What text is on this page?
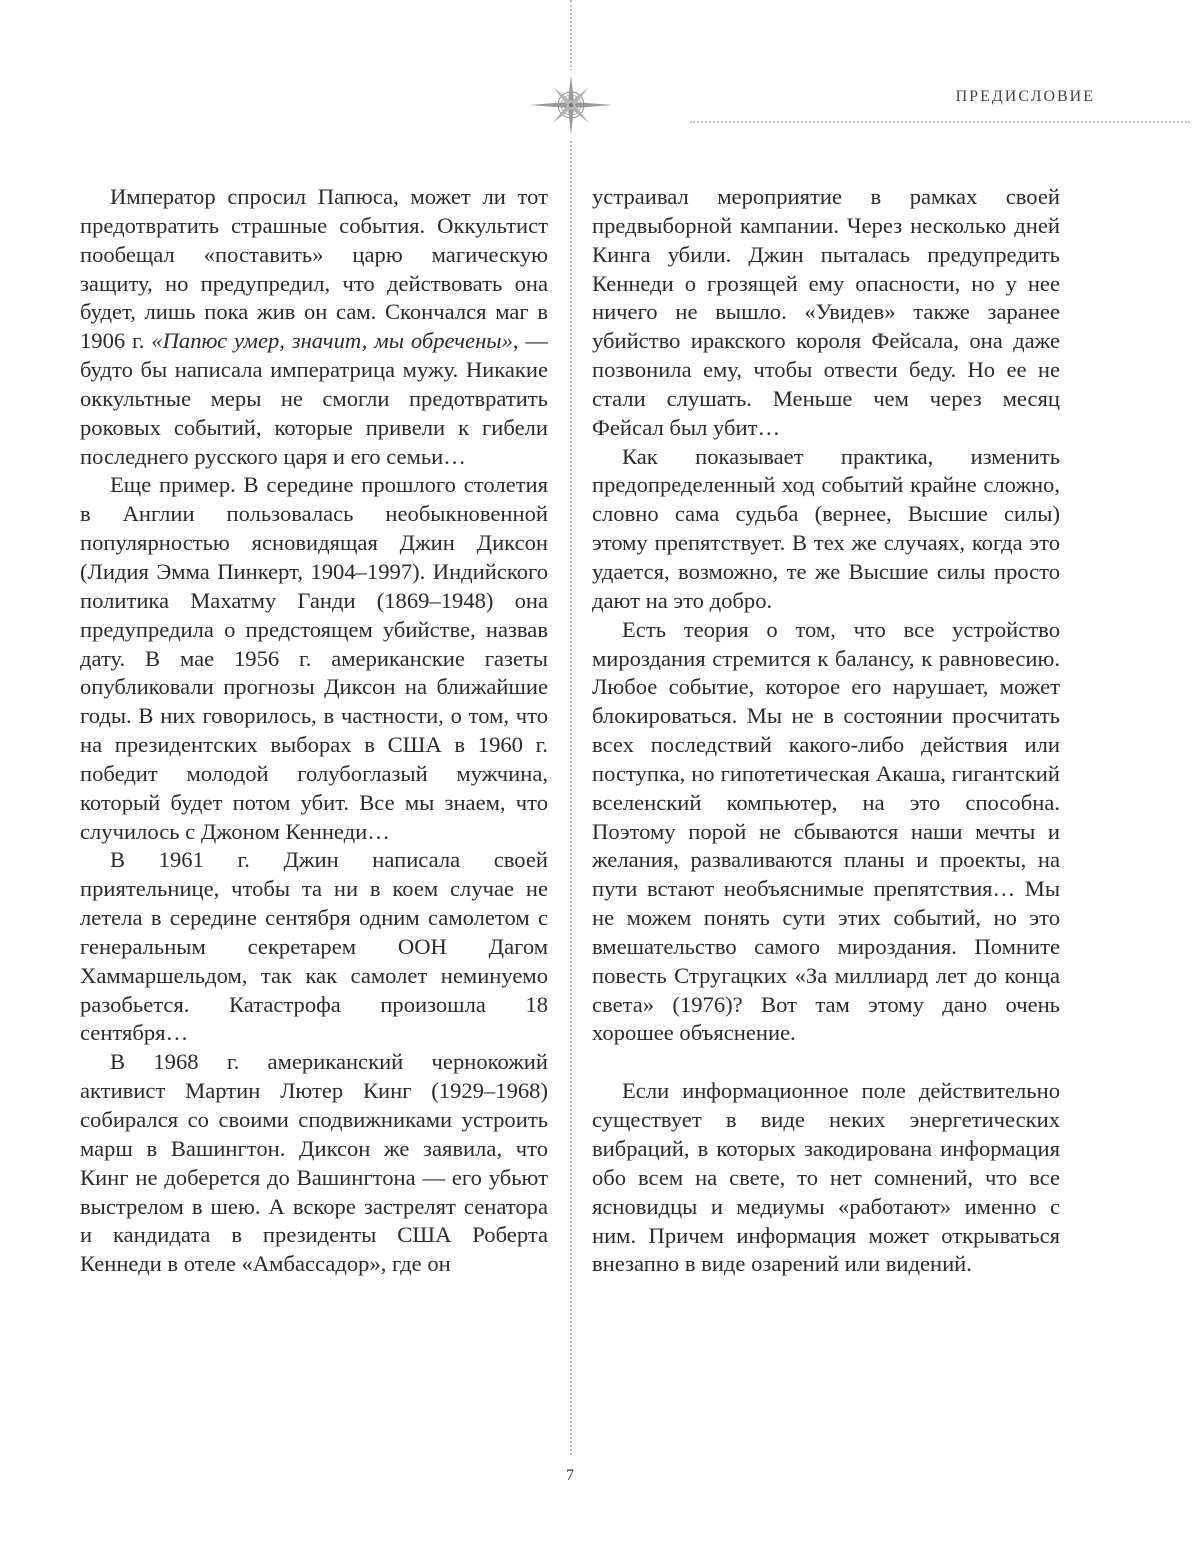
ПРЕДИСЛОВИЕ

Император спросил Папюса, может ли тот предотвратить страшные события. Оккультист пообещал «поставить» царю магическую защиту, но предупредил, что действовать она будет, лишь пока жив он сам. Скончался маг в 1906 г. «Папюс умер, значит, мы обречены», — будто бы написала императрица мужу. Никакие оккультные меры не смогли предотвратить роковых событий, которые привели к гибели последнего русского царя и его семьи…

Еще пример. В середине прошлого столетия в Англии пользовалась необыкновенной популярностью ясновидящая Джин Диксон (Лидия Эмма Пинкерт, 1904–1997). Индийского политика Махатму Ганди (1869–1948) она предупредила о предстоящем убийстве, назвав дату. В мае 1956 г. американские газеты опубликовали прогнозы Диксон на ближайшие годы. В них говорилось, в частности, о том, что на президентских выборах в США в 1960 г. победит молодой голубоглазый мужчина, который будет потом убит. Все мы знаем, что случилось с Джоном Кеннеди…

В 1961 г. Джин написала своей приятельнице, чтобы та ни в коем случае не летела в середине сентября одним самолетом с генеральным секретарем ООН Дагом Хаммаршельдом, так как самолет неминуемо разобьется. Катастрофа произошла 18 сентября…

В 1968 г. американский чернокожий активист Мартин Лютер Кинг (1929–1968) собирался со своими сподвижниками устроить марш в Вашингтон. Диксон же заявила, что Кинг не доберется до Вашингтона — его убьют выстрелом в шею. А вскоре застрелят сенатора и кандидата в президенты США Роберта Кеннеди в отеле «Амбассадор», где он

устраивал мероприятие в рамках своей предвыборной кампании. Через несколько дней Кинга убили. Джин пыталась предупредить Кеннеди о грозящей ему опасности, но у нее ничего не вышло. «Увидев» также заранее убийство иракского короля Фейсала, она даже позвонила ему, чтобы отвести беду. Но ее не стали слушать. Меньше чем через месяц Фейсал был убит…

Как показывает практика, изменить предопределенный ход событий крайне сложно, словно сама судьба (вернее, Высшие силы) этому препятствует. В тех же случаях, когда это удается, возможно, те же Высшие силы просто дают на это добро.

Есть теория о том, что все устройство мироздания стремится к балансу, к равновесию. Любое событие, которое его нарушает, может блокироваться. Мы не в состоянии просчитать всех последствий какого-либо действия или поступка, но гипотетическая Акаша, гигантский вселенский компьютер, на это способна. Поэтому порой не сбываются наши мечты и желания, разваливаются планы и проекты, на пути встают необъяснимые препятствия… Мы не можем понять сути этих событий, но это вмешательство самого мироздания. Помните повесть Стругацких «За миллиард лет до конца света» (1976)? Вот там этому дано очень хорошее объяснение.

Если информационное поле действительно существует в виде неких энергетических вибраций, в которых закодирована информация обо всем на свете, то нет сомнений, что все ясновидцы и медиумы «работают» именно с ним. Причем информация может открываться внезапно в виде озарений или видений.

7
